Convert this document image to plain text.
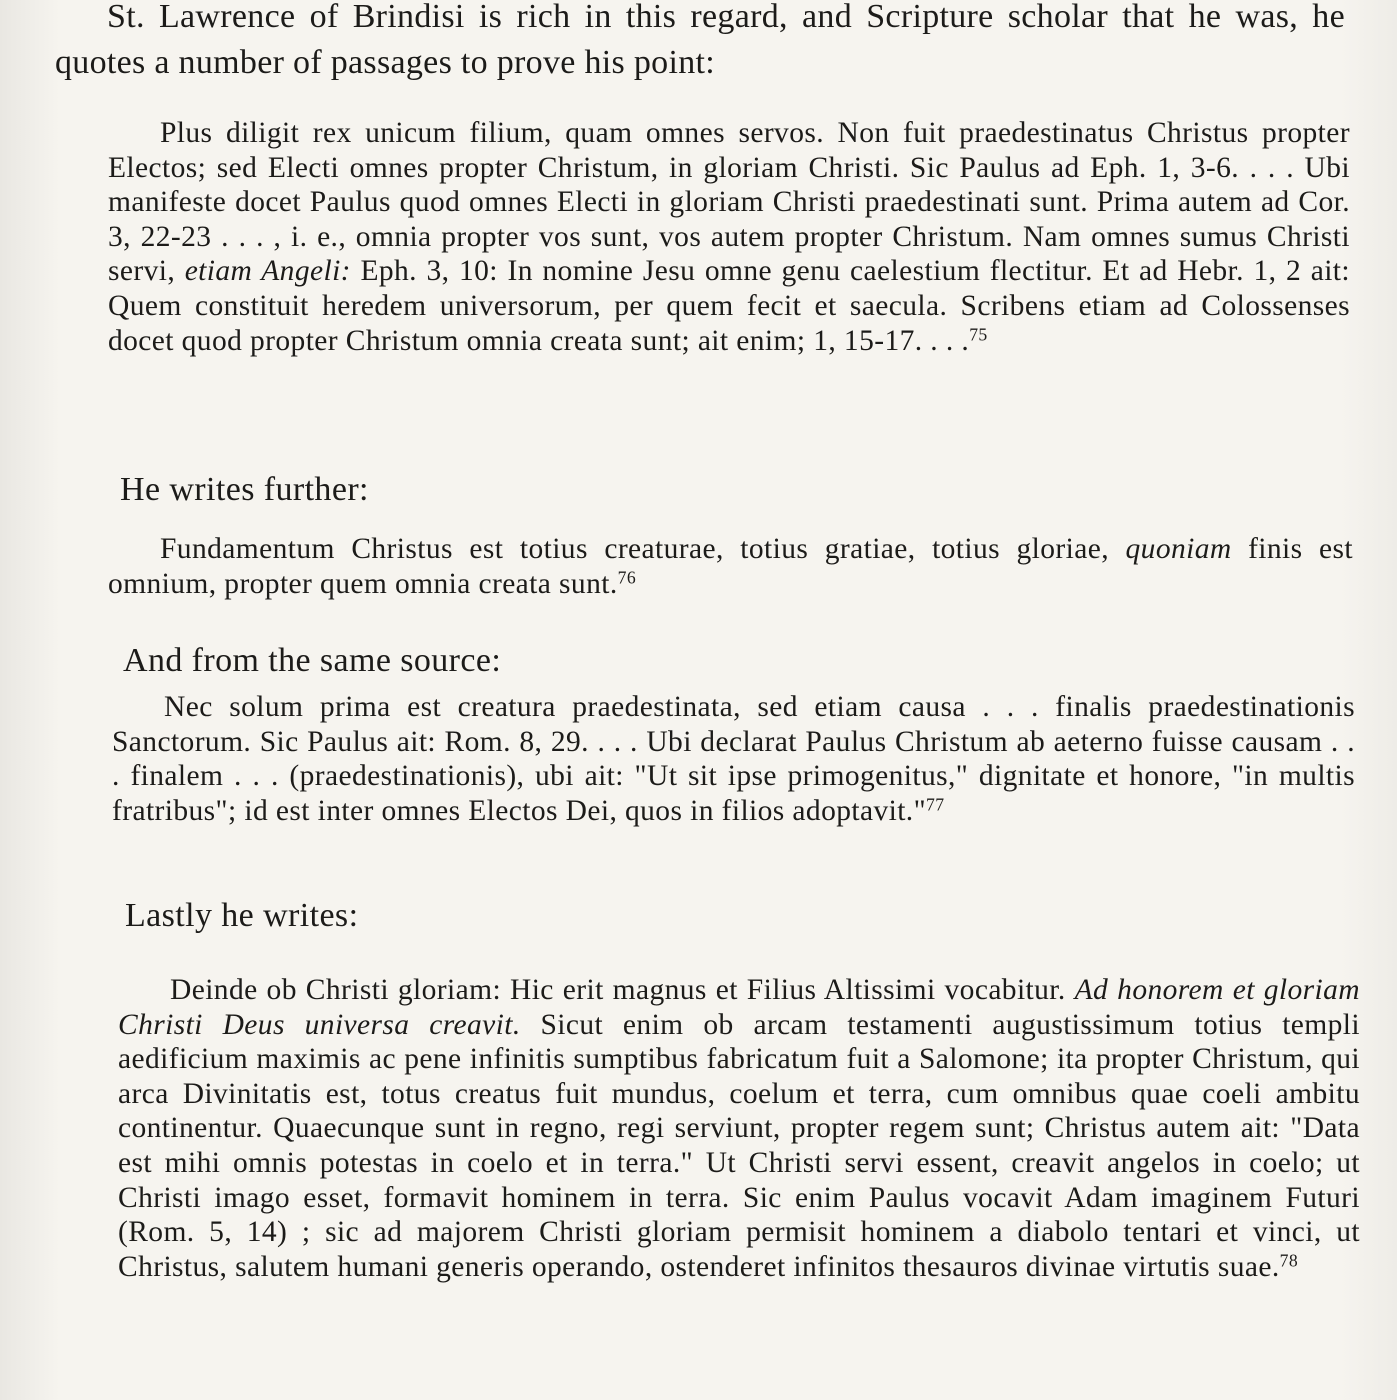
St. Lawrence of Brindisi is rich in this regard, and Scripture scholar that he was, he quotes a number of passages to prove his point:

Plus diligit rex unicum filium, quam omnes servos. Non fuit praedestinatus Christus propter Electos; sed Electi omnes propter Christum, in gloriam Christi. Sic Paulus ad Eph. 1, 3-6. . . . Ubi manifeste docet Paulus quod omnes Electi in gloriam Christi praedestinati sunt. Prima autem ad Cor. 3, 22-23 . . . , i. e., omnia propter vos sunt, vos autem propter Christum. Nam omnes sumus Christi servi, etiam Angeli: Eph. 3, 10: In nomine Jesu omne genu caelestium flectitur. Et ad Hebr. 1, 2 ait: Quem constituit heredem universorum, per quem fecit et saecula. Scribens etiam ad Colossenses docet quod propter Christum omnia creata sunt; ait enim; 1, 15-17. . . .$^{75}$

He writes further:

Fundamentum Christus est totius creaturae, totius gratiae, totius gloriae, quoniam finis est omnium, propter quem omnia creata sunt.$^{76}$

And from the same source:

Nec solum prima est creatura praedestinata, sed etiam causa . . . finalis praedestinationis Sanctorum. Sic Paulus ait: Rom. 8, 29. . . . Ubi declarat Paulus Christum ab aeterno fuisse causam . . . finalem . . . (praedestinationis), ubi ait: "Ut sit ipse primogenitus," dignitate et honore, "in multis fratribus"; id est inter omnes Electos Dei, quos in filios adoptavit."$^{77}$

Lastly he writes:

Deinde ob Christi gloriam: Hic erit magnus et Filius Altissimi vocabitur. Ad honorem et gloriam Christi Deus universa creavit. Sicut enim ob arcam testamenti augustissimum totius templi aedificium maximis ac pene infinitis sumptibus fabricatum fuit a Salomone; ita propter Christum, qui arca Divinitatis est, totus creatus fuit mundus, coelum et terra, cum omnibus quae coeli ambitu continentur. Quaecunque sunt in regno, regi serviunt, propter regem sunt; Christus autem ait: "Data est mihi omnis potestas in coelo et in terra." Ut Christi servi essent, creavit angelos in coelo; ut Christi imago esset, formavit hominem in terra. Sic enim Paulus vocavit Adam imaginem Futuri (Rom. 5, 14) ; sic ad majorem Christi gloriam permisit hominem a diabolo tentari et vinci, ut Christus, salutem humani generis operando, ostenderet infinitos thesauros divinae virtutis suae.$^{78}$
